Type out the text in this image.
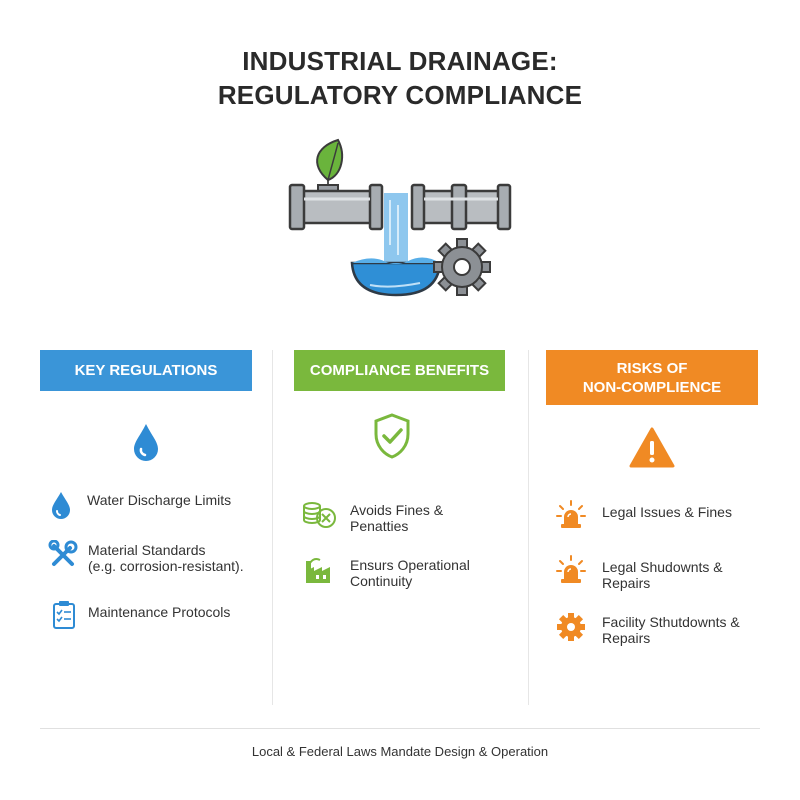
INDUSTRIAL DRAINAGE:
REGULATORY COMPLIANCE
KEY REGULATIONS
Water Discharge Limits
Material Standards
(e.g. corrosion-resistant).
Maintenance Protocols
COMPLIANCE BENEFITS
Avoids Fines &
Penatties
Ensurs Operational
Continuity
RISKS OF
NON-COMPLIENCE
Legal Issues & Fines
Legal Shudownts &
Repairs
Facility Sthutdownts &
Repairs
Local & Federal Laws Mandate Design & Operation
